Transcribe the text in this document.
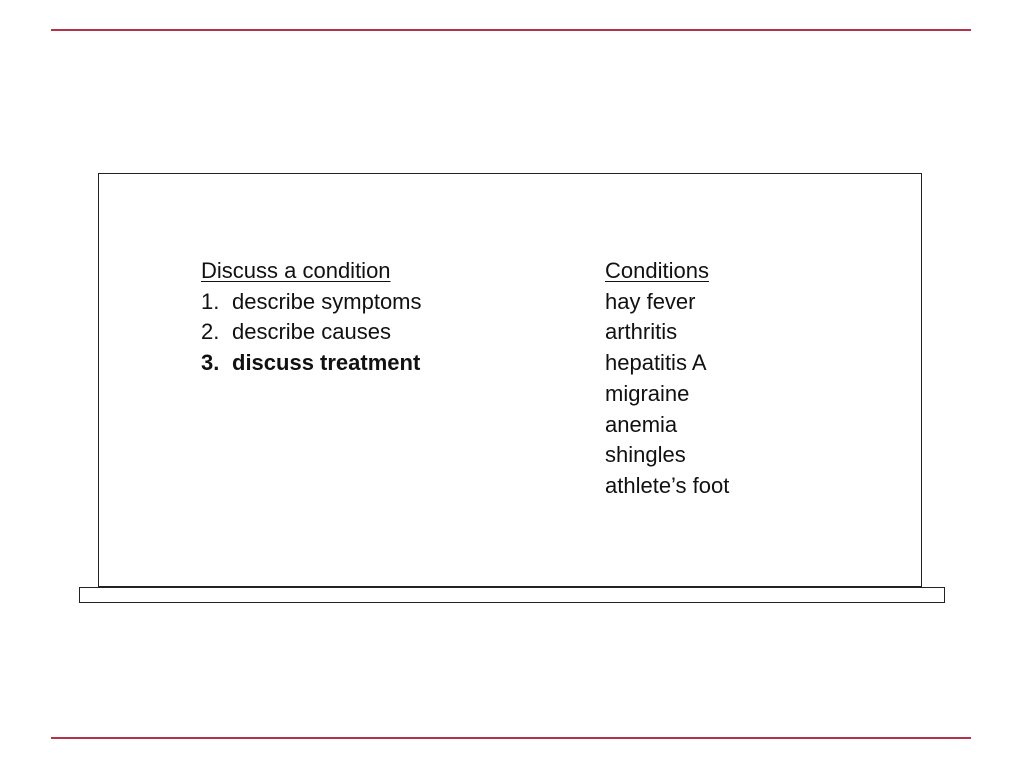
Discuss a condition
1. describe symptoms
2. describe causes
3. discuss treatment
Conditions
hay fever
arthritis
hepatitis A
migraine
anemia
shingles
athlete’s foot
